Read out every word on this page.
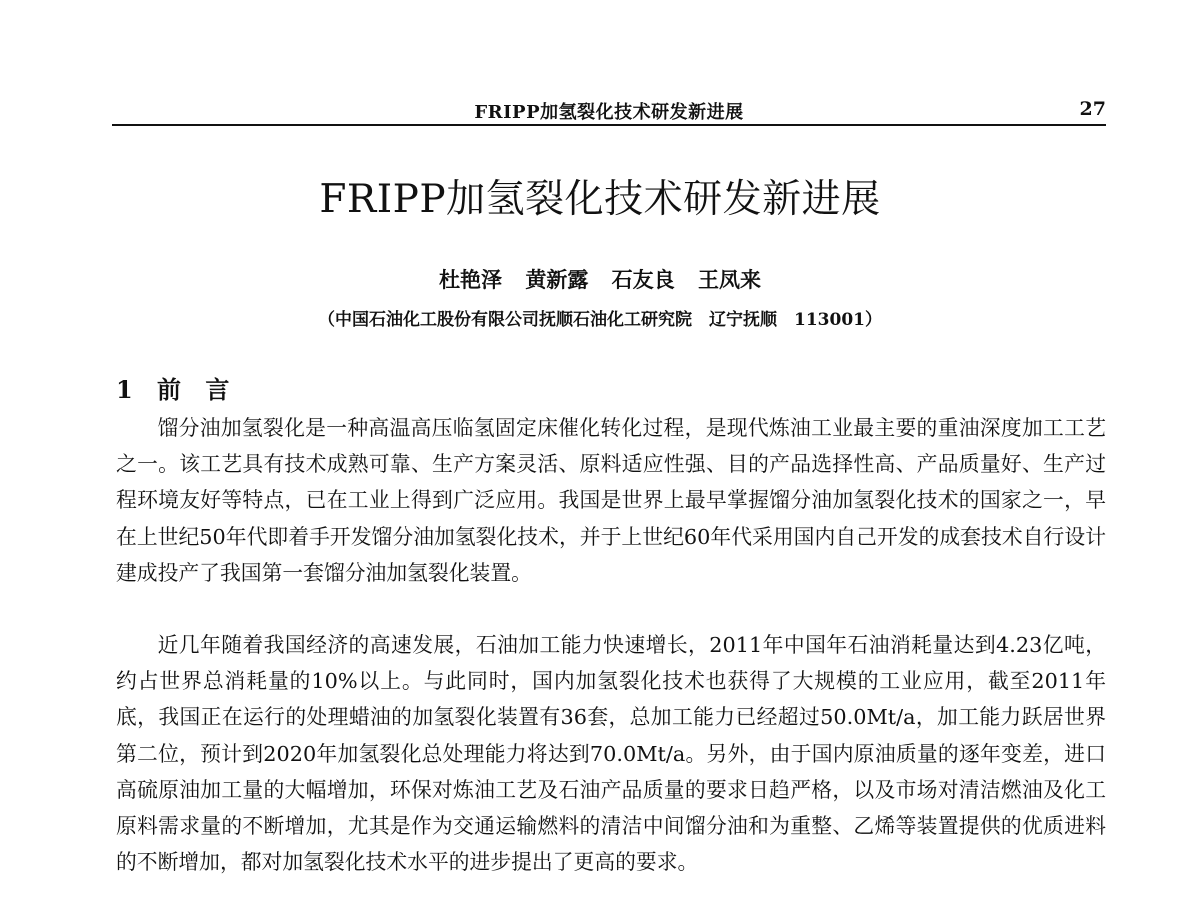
FRIPP加氢裂化技术研发新进展	27
FRIPP加氢裂化技术研发新进展
杜艳泽 黄新露 石友良 王凤来
（中国石油化工股份有限公司抚顺石油化工研究院　辽宁抚顺　113001）
1 前 言

馏分油加氢裂化是一种高温高压临氢固定床催化转化过程，是现代炼油工业最主要的重油深度加工工艺之一。该工艺具有技术成熟可靠、生产方案灵活、原料适应性强、目的产品选择性高、产品质量好、生产过程环境友好等特点，已在工业上得到广泛应用。我国是世界上最早掌握馏分油加氢裂化技术的国家之一，早在上世纪50年代即着手开发馏分油加氢裂化技术，并于上世纪60年代采用国内自己开发的成套技术自行设计建成投产了我国第一套馏分油加氢裂化装置。

近几年随着我国经济的高速发展，石油加工能力快速增长，2011年中国年石油消耗量达到4.23亿吨，约占世界总消耗量的10%以上。与此同时，国内加氢裂化技术也获得了大规模的工业应用，截至2011年底，我国正在运行的处理蜡油的加氢裂化装置有36套，总加工能力已经超过50.0Mt/a，加工能力跃居世界第二位，预计到2020年加氢裂化总处理能力将达到70.0Mt/a。另外，由于国内原油质量的逐年变差，进口高硫原油加工量的大幅增加，环保对炼油工艺及石油产品质量的要求日趋严格，以及市场对清洁燃油及化工原料需求量的不断增加，尤其是作为交通运输燃料的清洁中间馏分油和为重整、乙烯等装置提供的优质进料的不断增加，都对加氢裂化技术水平的进步提出了更高的要求。
